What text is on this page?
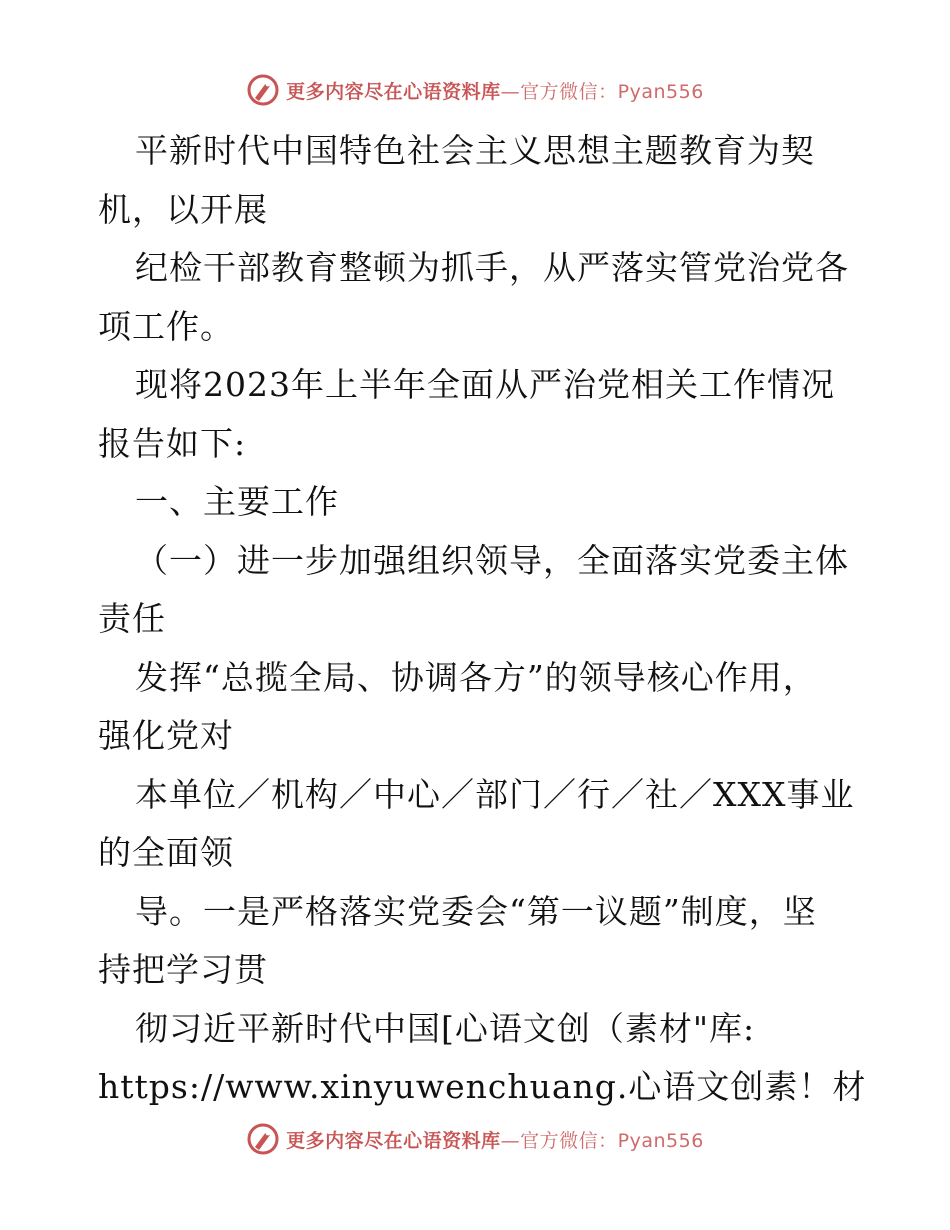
更多内容尽在心语资料库—官方微信：Pyan556
平新时代中国特色社会主义思想主题教育为契
机，以开展
纪检干部教育整顿为抓手，从严落实管党治党各
项工作。
现将2023年上半年全面从严治党相关工作情况
报告如下:
一、主要工作
（一）进一步加强组织领导，全面落实党委主体
责任
发挥“总揽全局、协调各方”的领导核心作用，
强化党对
本单位／机构／中心／部门／行／社／XXX事业
的全面领
导。一是严格落实党委会“第一议题”制度，坚
持把学习贯
彻习近平新时代中国[心语文创（素材"库:
https://www.xinyuwenchuang.心语文创素！材
更多内容尽在心语资料库—官方微信：Pyan556
